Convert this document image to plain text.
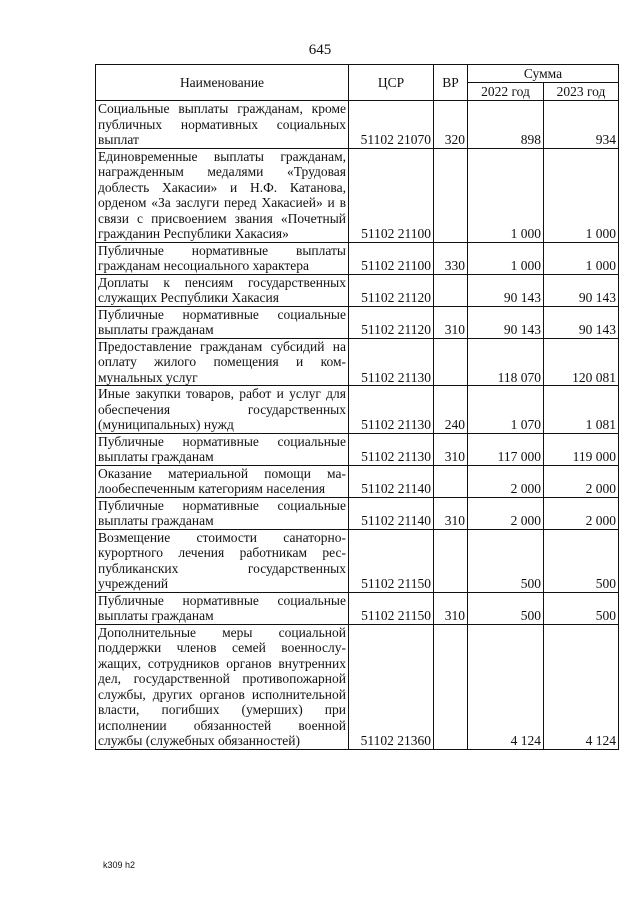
645
Наименование	ЦСР	ВР	Сумма	
			2022 год	2023 год
Социальные выплаты гражданам, кроме публичных нормативных социальных выплат	51102 21070	320	898	934
Единовременные выплаты гражданам, награжденным медалями «Трудовая доблесть Хакасии» и Н.Ф. Катанова, орденом «За заслуги перед Хакасией» и в связи с присвоением звания «Почетный гражданин Республики Хакасия»	51102 21100		1 000	1 000
Публичные нормативные выплаты гражданам несоциального характера	51102 21100	330	1 000	1 000
Доплаты к пенсиям государственных служащих Республики Хакасия	51102 21120		90 143	90 143
Публичные нормативные социальные выплаты гражданам	51102 21120	310	90 143	90 143
Предоставление гражданам субсидий на оплату жилого помещения и коммунальных услуг	51102 21130		118 070	120 081
Иные закупки товаров, работ и услуг для обеспечения государственных (муниципальных) нужд	51102 21130	240	1 070	1 081
Публичные нормативные социальные выплаты гражданам	51102 21130	310	117 000	119 000
Оказание материальной помощи малообеспеченным категориям населения	51102 21140		2 000	2 000
Публичные нормативные социальные выплаты гражданам	51102 21140	310	2 000	2 000
Возмещение стоимости санаторно-курортного лечения работникам республиканских государственных учреждений	51102 21150		500	500
Публичные нормативные социальные выплаты гражданам	51102 21150	310	500	500
Дополнительные меры социальной поддержки членов семей военнослужащих, сотрудников органов внутренних дел, государственной противопожарной службы, других органов исполнительной власти, погибших (умерших) при исполнении обязанностей военной службы (служебных обязанностей)	51102 21360		4 124	4 124
k309 h2
